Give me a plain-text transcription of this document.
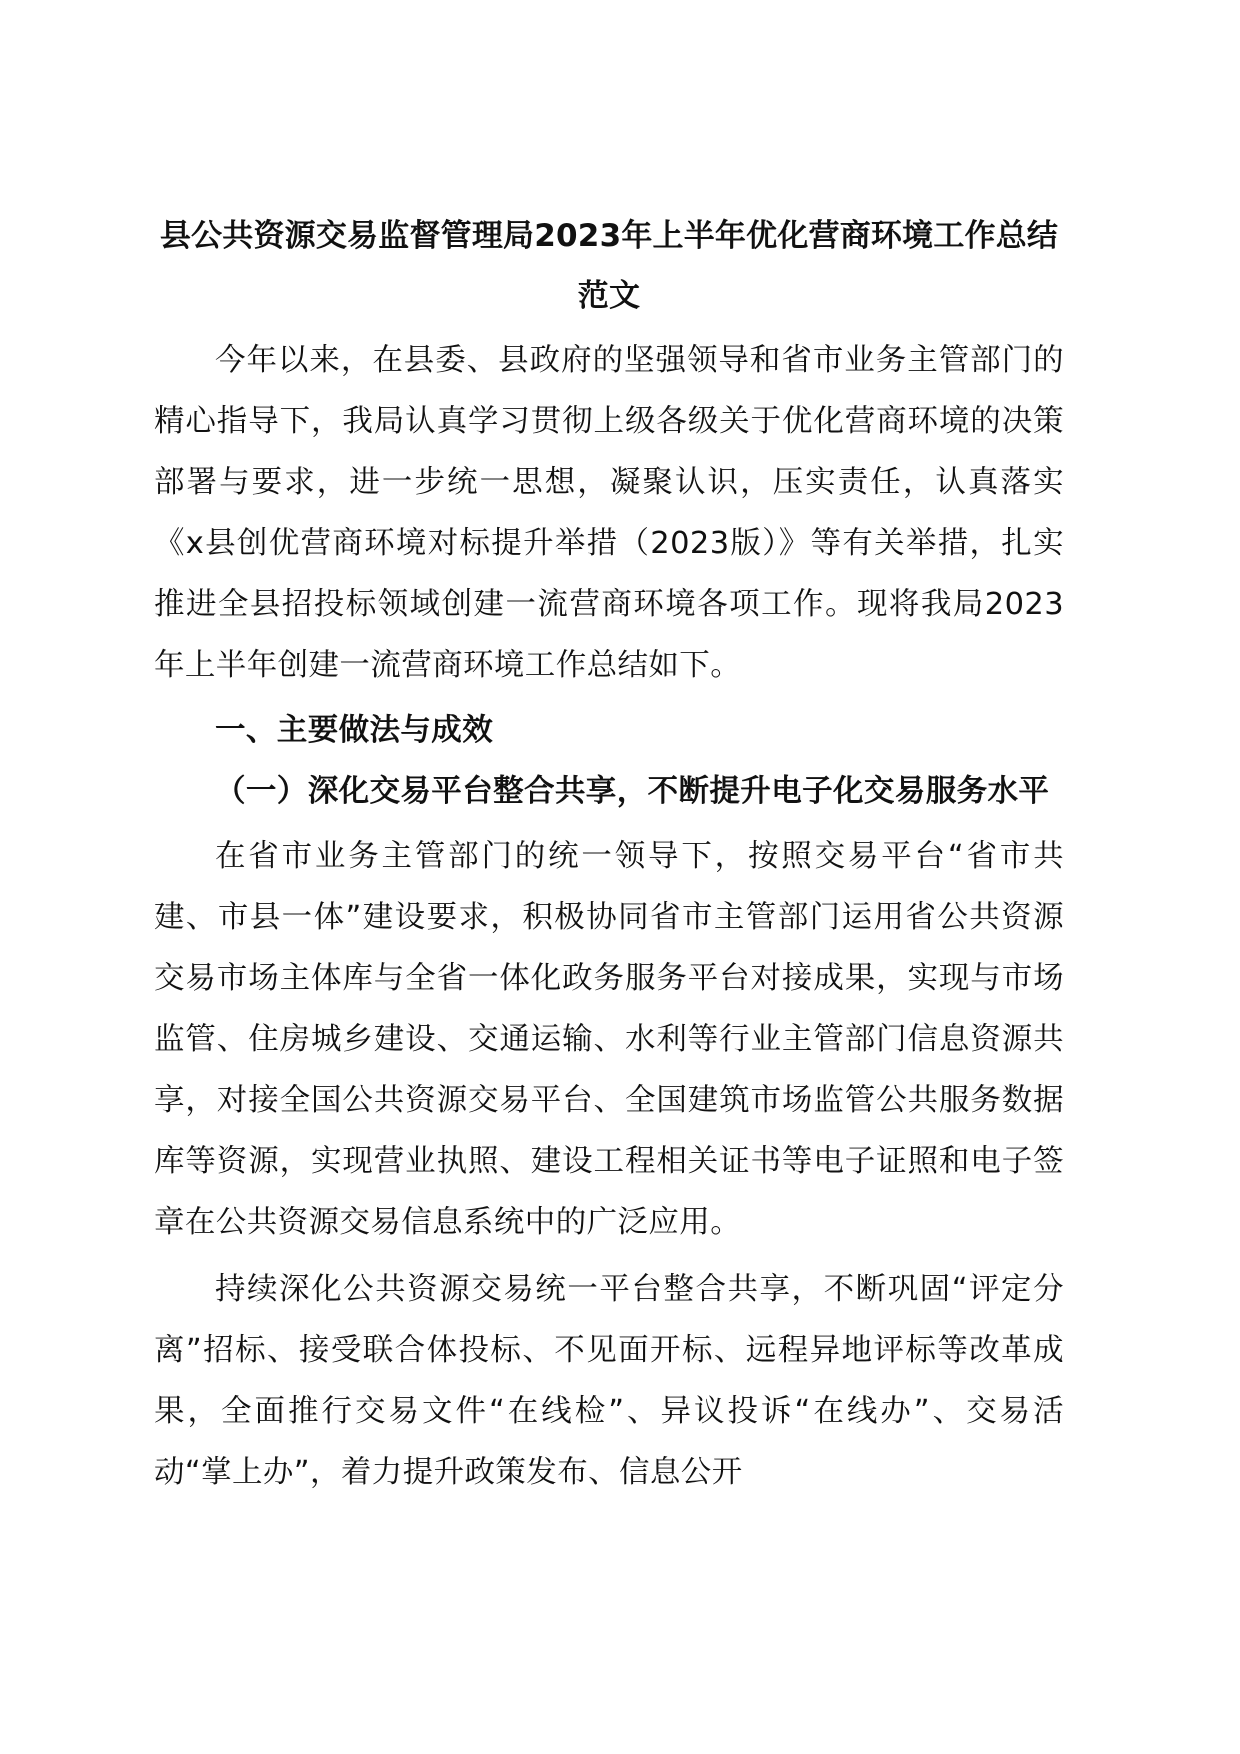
县公共资源交易监督管理局2023年上半年优化营商环境工作总结范文

今年以来，在县委、县政府的坚强领导和省市业务主管部门的精心指导下，我局认真学习贯彻上级各级关于优化营商环境的决策部署与要求，进一步统一思想，凝聚认识，压实责任，认真落实《x县创优营商环境对标提升举措（2023版）》等有关举措，扎实推进全县招投标领域创建一流营商环境各项工作。现将我局2023年上半年创建一流营商环境工作总结如下。

一、主要做法与成效
（一）深化交易平台整合共享，不断提升电子化交易服务水平

在省市业务主管部门的统一领导下，按照交易平台“省市共建、市县一体”建设要求，积极协同省市主管部门运用省公共资源交易市场主体库与全省一体化政务服务平台对接成果，实现与市场监管、住房城乡建设、交通运输、水利等行业主管部门信息资源共享，对接全国公共资源交易平台、全国建筑市场监管公共服务数据库等资源，实现营业执照、建设工程相关证书等电子证照和电子签章在公共资源交易信息系统中的广泛应用。

持续深化公共资源交易统一平台整合共享，不断巩固“评定分离”招标、接受联合体投标、不见面开标、远程异地评标等改革成果，全面推行交易文件“在线检”、异议投诉“在线办”、交易活动“掌上办”，着力提升政策发布、信息公开
